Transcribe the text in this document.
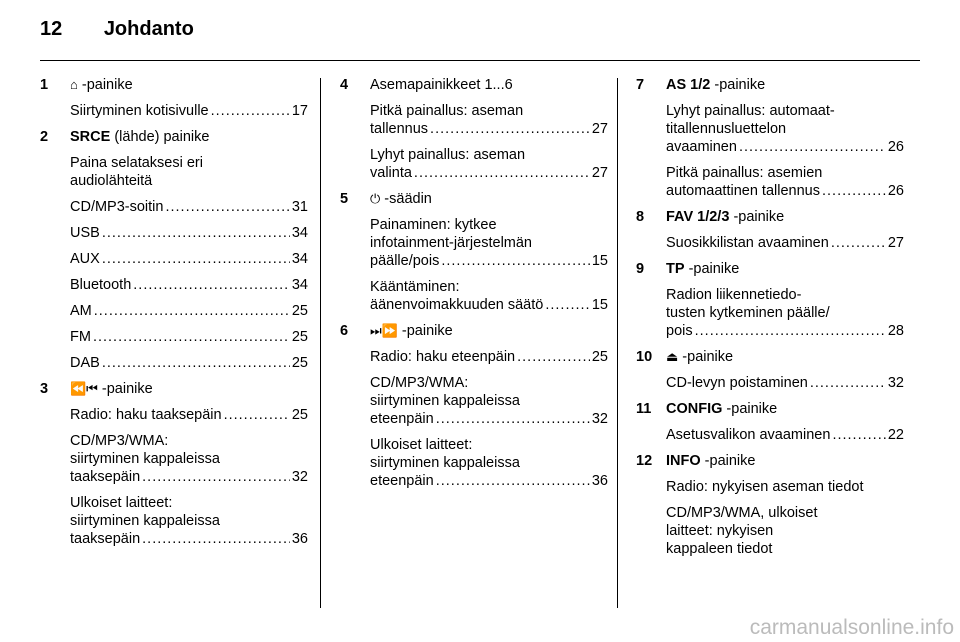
12 Johdanto
1	⌂ -painike
Siirtyminen kotisivulle .....	17
2	SRCE (lähde) painike
Paina selataksesi eri
audiolähteitä
CD/MP3-soitin .....	31
USB .....	34
AUX .....	34
Bluetooth .....	34
AM .....	25
FM .....	25
DAB .....	25
3	⏪⏮ -painike
Radio: haku taaksepäin .....	25
CD/MP3/WMA:
siirtyminen kappaleissa
taaksepäin .....	32
Ulkoiset laitteet:
siirtyminen kappaleissa
taaksepäin .....	36
4	Asemapainikkeet 1...6
Pitkä painallus: aseman
tallennus .....	27
Lyhyt painallus: aseman
valinta .....	27
5	⏻ -säädin
Painaminen: kytkee
infotainment-järjestelmän
päälle/pois .....	15
Kääntäminen:
äänenvoimakkuuden säätö .....	15
6	⏭⏩ -painike
Radio: haku eteenpäin .....	25
CD/MP3/WMA:
siirtyminen kappaleissa
eteenpäin .....	32
Ulkoiset laitteet:
siirtyminen kappaleissa
eteenpäin .....	36
7	AS 1/2 -painike
Lyhyt painallus: automaat-
titallennusluettelon
avaaminen .....	26
Pitkä painallus: asemien
automaattinen tallennus .....	26
8	FAV 1/2/3 -painike
Suosikkilistan avaaminen .....	27
9	TP -painike
Radion liikennetiedo-
tusten kytkeminen päälle/
pois .....	28
10	⏏ -painike
CD-levyn poistaminen .....	32
11	CONFIG -painike
Asetusvalikon avaaminen .....	22
12 INFO -painike
Radio: nykyisen aseman tiedot
CD/MP3/WMA, ulkoiset
laitteet: nykyisen
kappaleen tiedot
carmanualsonline.info
